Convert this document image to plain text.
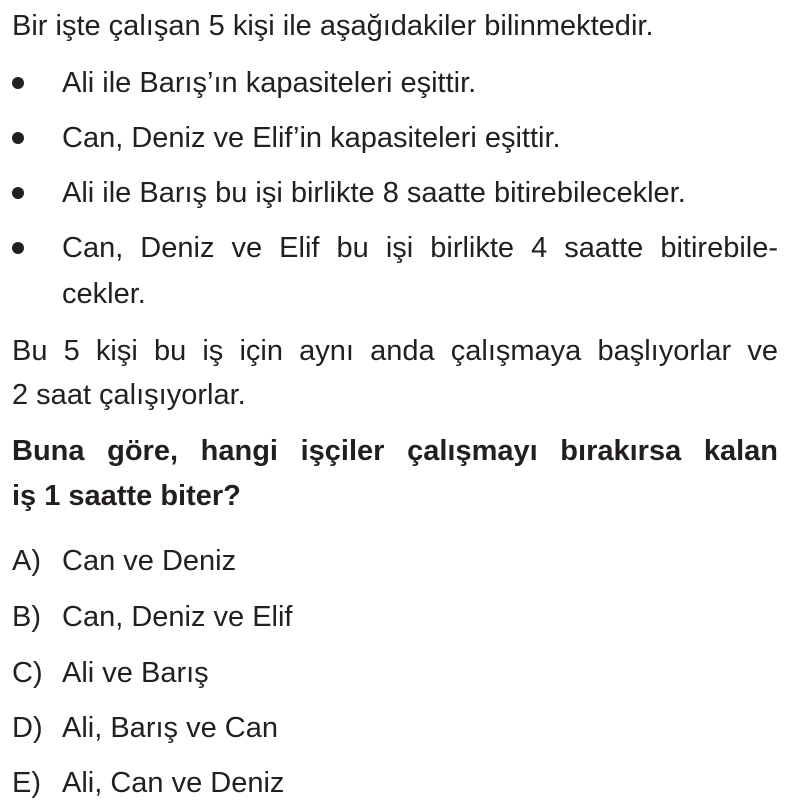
Bir işte çalışan 5 kişi ile aşağıdakiler bilinmektedir.

Ali ile Barış’ın kapasiteleri eşittir.

Can, Deniz ve Elif’in kapasiteleri eşittir.

Ali ile Barış bu işi birlikte 8 saatte bitirebilecekler.

Can, Deniz ve Elif bu işi birlikte 4 saatte bitirebile-

cekler.

Bu 5 kişi bu iş için aynı anda çalışmaya başlıyorlar ve

2 saat çalışıyorlar.

Buna göre, hangi işçiler çalışmayı bırakırsa kalan

iş 1 saatte biter?

A) Can ve Deniz

B) Can, Deniz ve Elif

C) Ali ve Barış

D) Ali, Barış ve Can

E) Ali, Can ve Deniz
